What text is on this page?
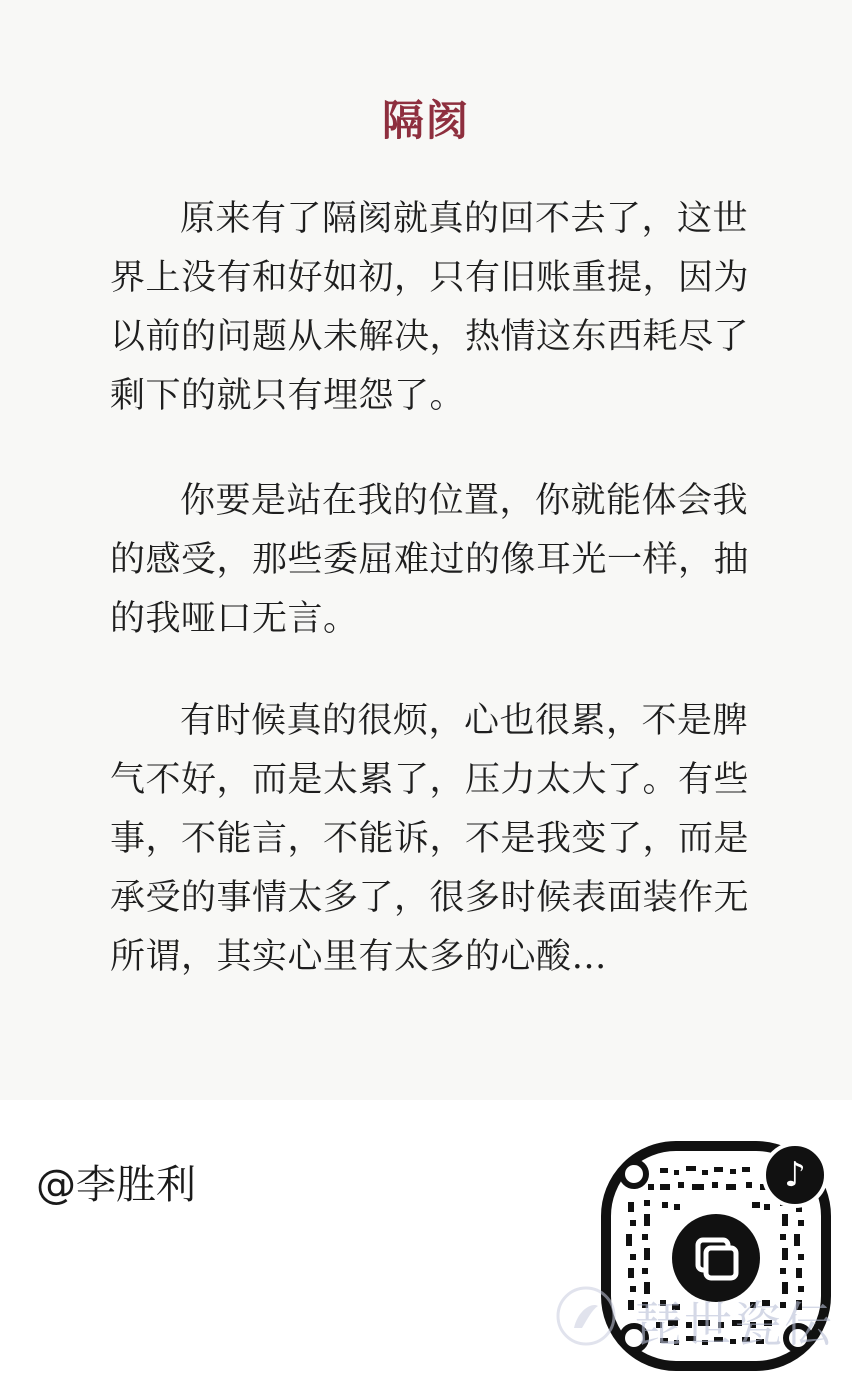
隔阂

原来有了隔阂就真的回不去了，这世界上没有和好如初，只有旧账重提，因为以前的问题从未解决，热情这东西耗尽了剩下的就只有埋怨了。

你要是站在我的位置，你就能体会我的感受，那些委屈难过的像耳光一样，抽的我哑口无言。

有时候真的很烦，心也很累，不是脾气不好，而是太累了，压力太大了。有些事，不能言，不能诉，不是我变了，而是承受的事情太多了，很多时候表面装作无所谓，其实心里有太多的心酸…

@李胜利	♪
琵世瓷伝
